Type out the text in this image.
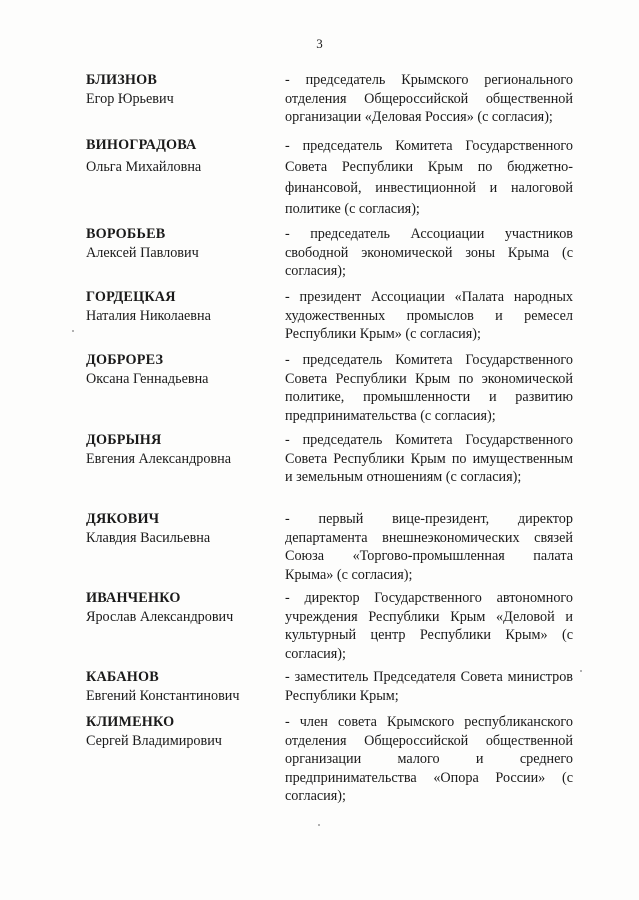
3
БЛИЗНОВ
Егор Юрьевич
- председатель Крымского регионального отделения Общероссийской общественной организации «Деловая Россия» (с согласия);
ВИНОГРАДОВА
Ольга Михайловна
- председатель Комитета Государственного Совета Республики Крым по бюджетно-финансовой, инвестиционной и налоговой политике (с согласия);
ВОРОБЬЕВ
Алексей Павлович
- председатель Ассоциации участников свободной экономической зоны Крыма (с согласия);
ГОРДЕЦКАЯ
Наталия Николаевна
- президент Ассоциации «Палата народных художественных промыслов и ремесел Республики Крым» (с согласия);
ДОБРОРЕЗ
Оксана Геннадьевна
- председатель Комитета Государственного Совета Республики Крым по экономической политике, промышленности и развитию предпринимательства (с согласия);
ДОБРЫНЯ
Евгения Александровна
- председатель Комитета Государственного Совета Республики Крым по имущественным и земельным отношениям (с согласия);
ДЯКОВИЧ
Клавдия Васильевна
- первый вице-президент, директор департамента внешнеэкономических связей Союза «Торгово-промышленная палата Крыма» (с согласия);
ИВАНЧЕНКО
Ярослав Александрович
- директор Государственного автономного учреждения Республики Крым «Деловой и культурный центр Республики Крым» (с согласия);
КАБАНОВ
Евгений Константинович
- заместитель Председателя Совета министров Республики Крым;
КЛИМЕНКО
Сергей Владимирович
- член совета Крымского республиканского отделения Общероссийской общественной организации малого и среднего предпринимательства «Опора России» (с согласия);
